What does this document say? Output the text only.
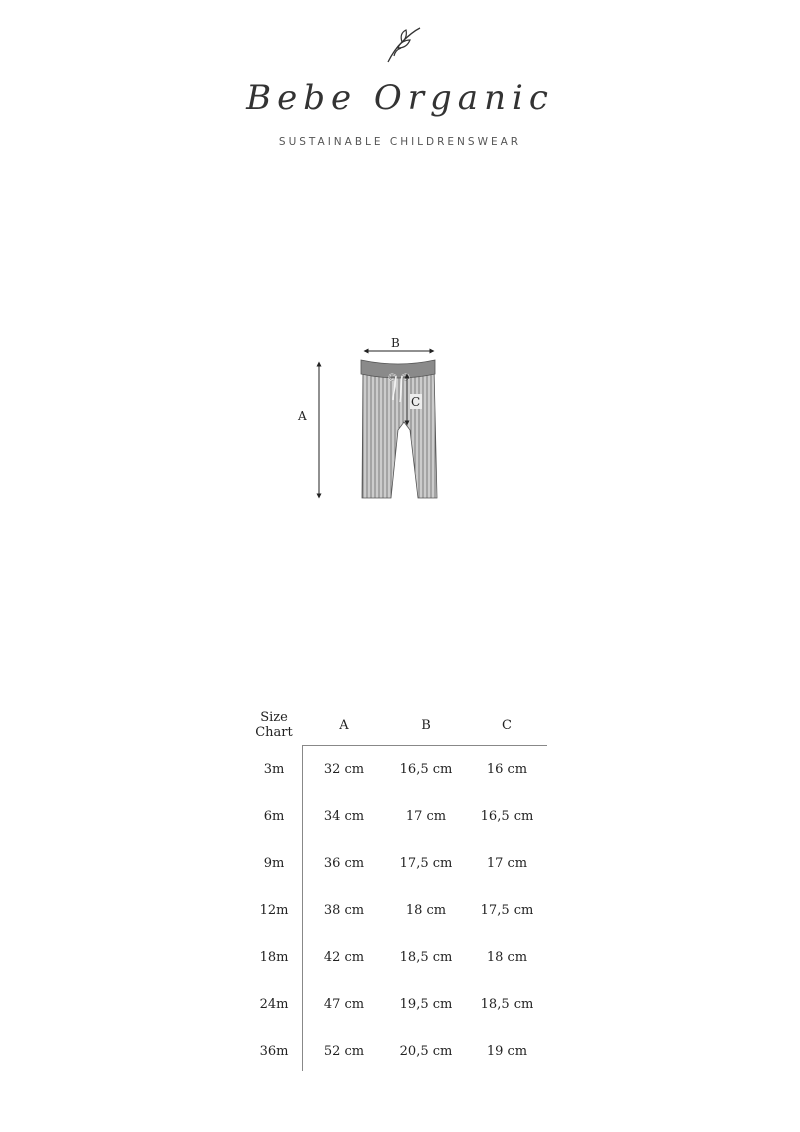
Bebe Organic
SUSTAINABLE CHILDRENSWEAR
A
B
C
Size
Chart	A	B	C
3m	32 cm	16,5 cm	16 cm
6m	34 cm	17 cm	16,5 cm
9m	36 cm	17,5 cm	17 cm
12m	38 cm	18 cm	17,5 cm
18m	42 cm	18,5 cm	18 cm
24m	47 cm	19,5 cm	18,5 cm
36m	52 cm	20,5 cm	19 cm
